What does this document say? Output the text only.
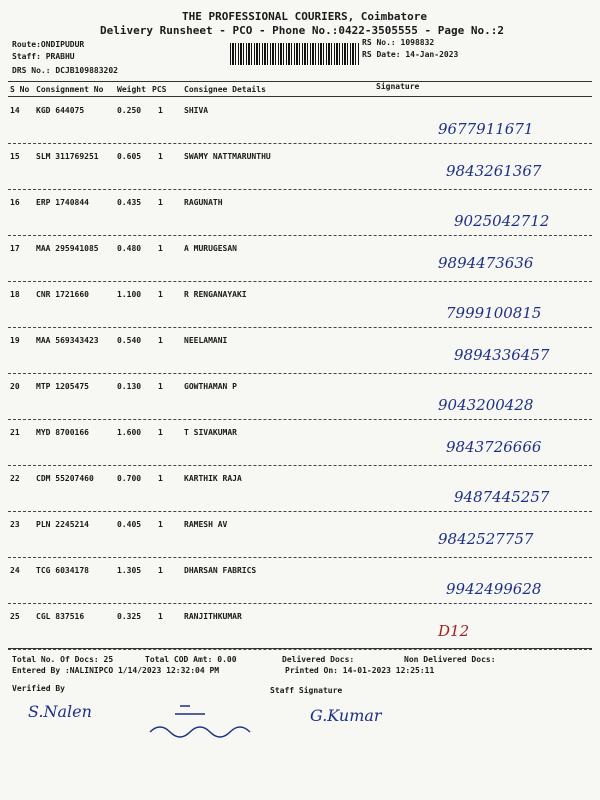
THE PROFESSIONAL COURIERS, Coimbatore
Delivery Runsheet - PCO - Phone No.:0422-3505555 - Page No.:2
Route:ONDIPUDUR
Staff: PRABHU
DRS No.: DCJB109883202
RS No.: 1098832
RS Date: 14-Jan-2023
S No Consignment No Weight PCS Consignee Details	Signature
14 KGD 644075	0.250 1	SHIVA
9677911671
15 SLM 311769251 0.605 1	SWAMY NATTMARUNTHU
9843261367
16 ERP 1740844	0.435 1	RAGUNATH
9025042712
17 MAA 295941085 0.480 1	A MURUGESAN
9894473636
18 CNR 1721660	1.100 1	R RENGANAYAKI
7999100815
19 MAA 569343423 0.540 1	NEELAMANI
9894336457
20 MTP 1205475	0.130 1	GOWTHAMAN P
9043200428
21 MYD 8700166	1.600 1	T SIVAKUMAR
9843726666
22 CDM 55207460	0.700 1	KARTHIK RAJA
9487445257
23 PLN 2245214	0.405 1	RAMESH AV
9842527757
24 TCG 6034178	1.305 1	DHARSAN FABRICS
9942499628
25 CGL 837516	0.325 1	RANJITHKUMAR
D12
Total No. Of Docs: 25	Total COD Amt: 0.00	Delivered Docs:	Non Delivered Docs:
Entered By :NALINIPCO 1/14/2023 12:32:04 PM	Printed On: 14-01-2023 12:25:11
Verified By	Staff Signature
S.Nalen	G.Kumar
